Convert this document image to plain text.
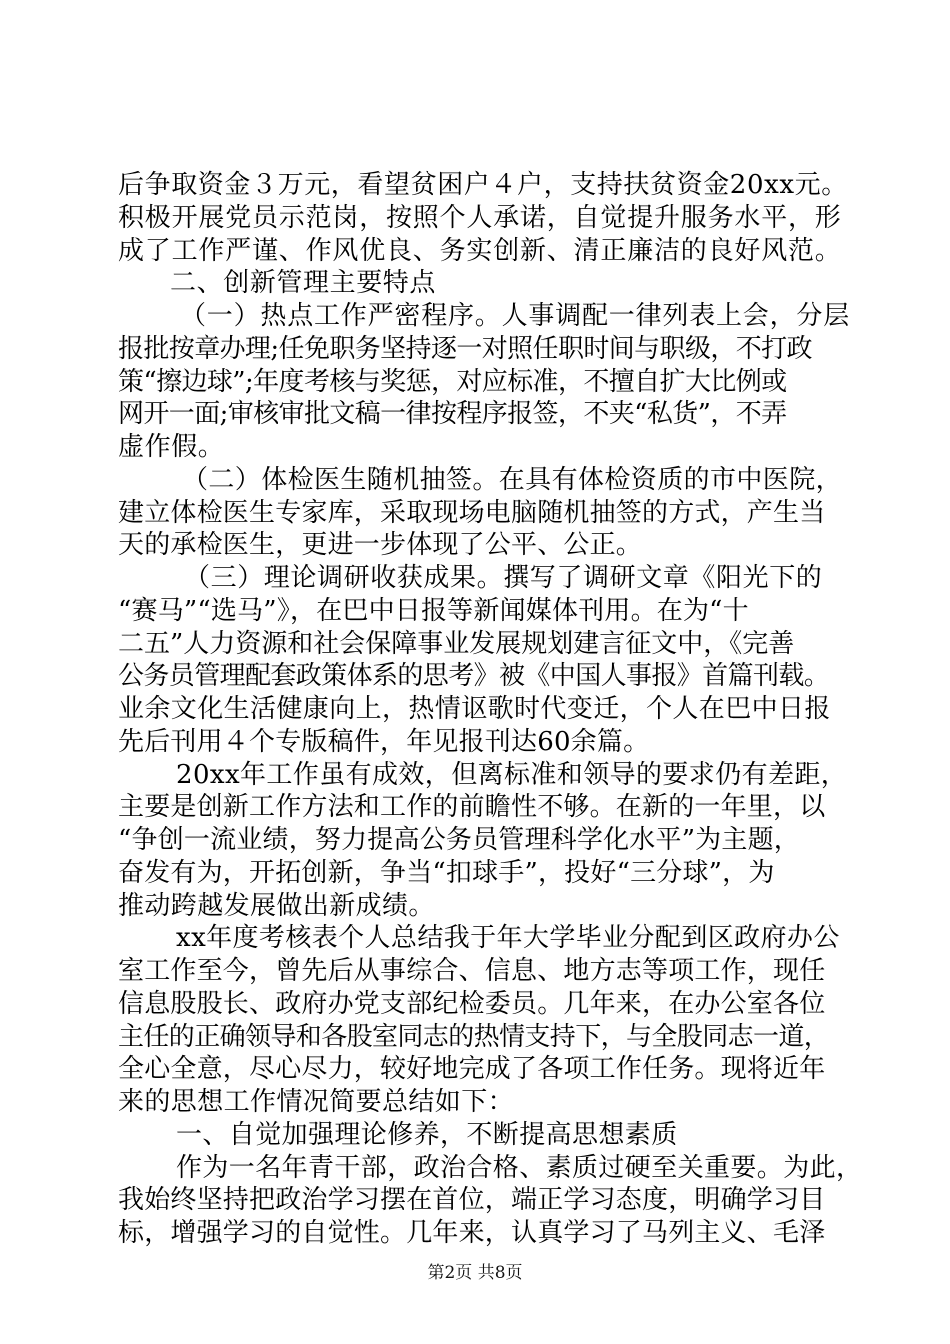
后争取资金３万元，看望贫困户４户，支持扶贫资金20xx元。
积极开展党员示范岗，按照个人承诺，自觉提升服务水平，形
成了工作严谨、作风优良、务实创新、清正廉洁的良好风范。
二、创新管理主要特点
（一）热点工作严密程序。人事调配一律列表上会，分层
报批按章办理;任免职务坚持逐一对照任职时间与职级，不打政
策“擦边球”;年度考核与奖惩，对应标准，不擅自扩大比例或
网开一面;审核审批文稿一律按程序报签，不夹“私货”，不弄
虚作假。
（二）体检医生随机抽签。在具有体检资质的市中医院，
建立体检医生专家库，采取现场电脑随机抽签的方式，产生当
天的承检医生，更进一步体现了公平、公正。
（三）理论调研收获成果。撰写了调研文章《阳光下的
“赛马”“选马”》，在巴中日报等新闻媒体刊用。在为“十
二五”人力资源和社会保障事业发展规划建言征文中，《完善
公务员管理配套政策体系的思考》被《中国人事报》首篇刊载。
业余文化生活健康向上，热情讴歌时代变迁，个人在巴中日报
先后刊用４个专版稿件，年见报刊达60余篇。
20xx年工作虽有成效，但离标准和领导的要求仍有差距，
主要是创新工作方法和工作的前瞻性不够。在新的一年里，以
“争创一流业绩，努力提高公务员管理科学化水平”为主题，
奋发有为，开拓创新，争当“扣球手”，投好“三分球”，为
推动跨越发展做出新成绩。
xx年度考核表个人总结我于年大学毕业分配到区政府办公
室工作至今，曾先后从事综合、信息、地方志等项工作，现任
信息股股长、政府办党支部纪检委员。几年来，在办公室各位
主任的正确领导和各股室同志的热情支持下，与全股同志一道，
全心全意，尽心尽力，较好地完成了各项工作任务。现将近年
来的思想工作情况简要总结如下：
一、自觉加强理论修养，不断提高思想素质
作为一名年青干部，政治合格、素质过硬至关重要。为此，
我始终坚持把政治学习摆在首位，端正学习态度，明确学习目
标，增强学习的自觉性。几年来，认真学习了马列主义、毛泽
第2页 共8页
